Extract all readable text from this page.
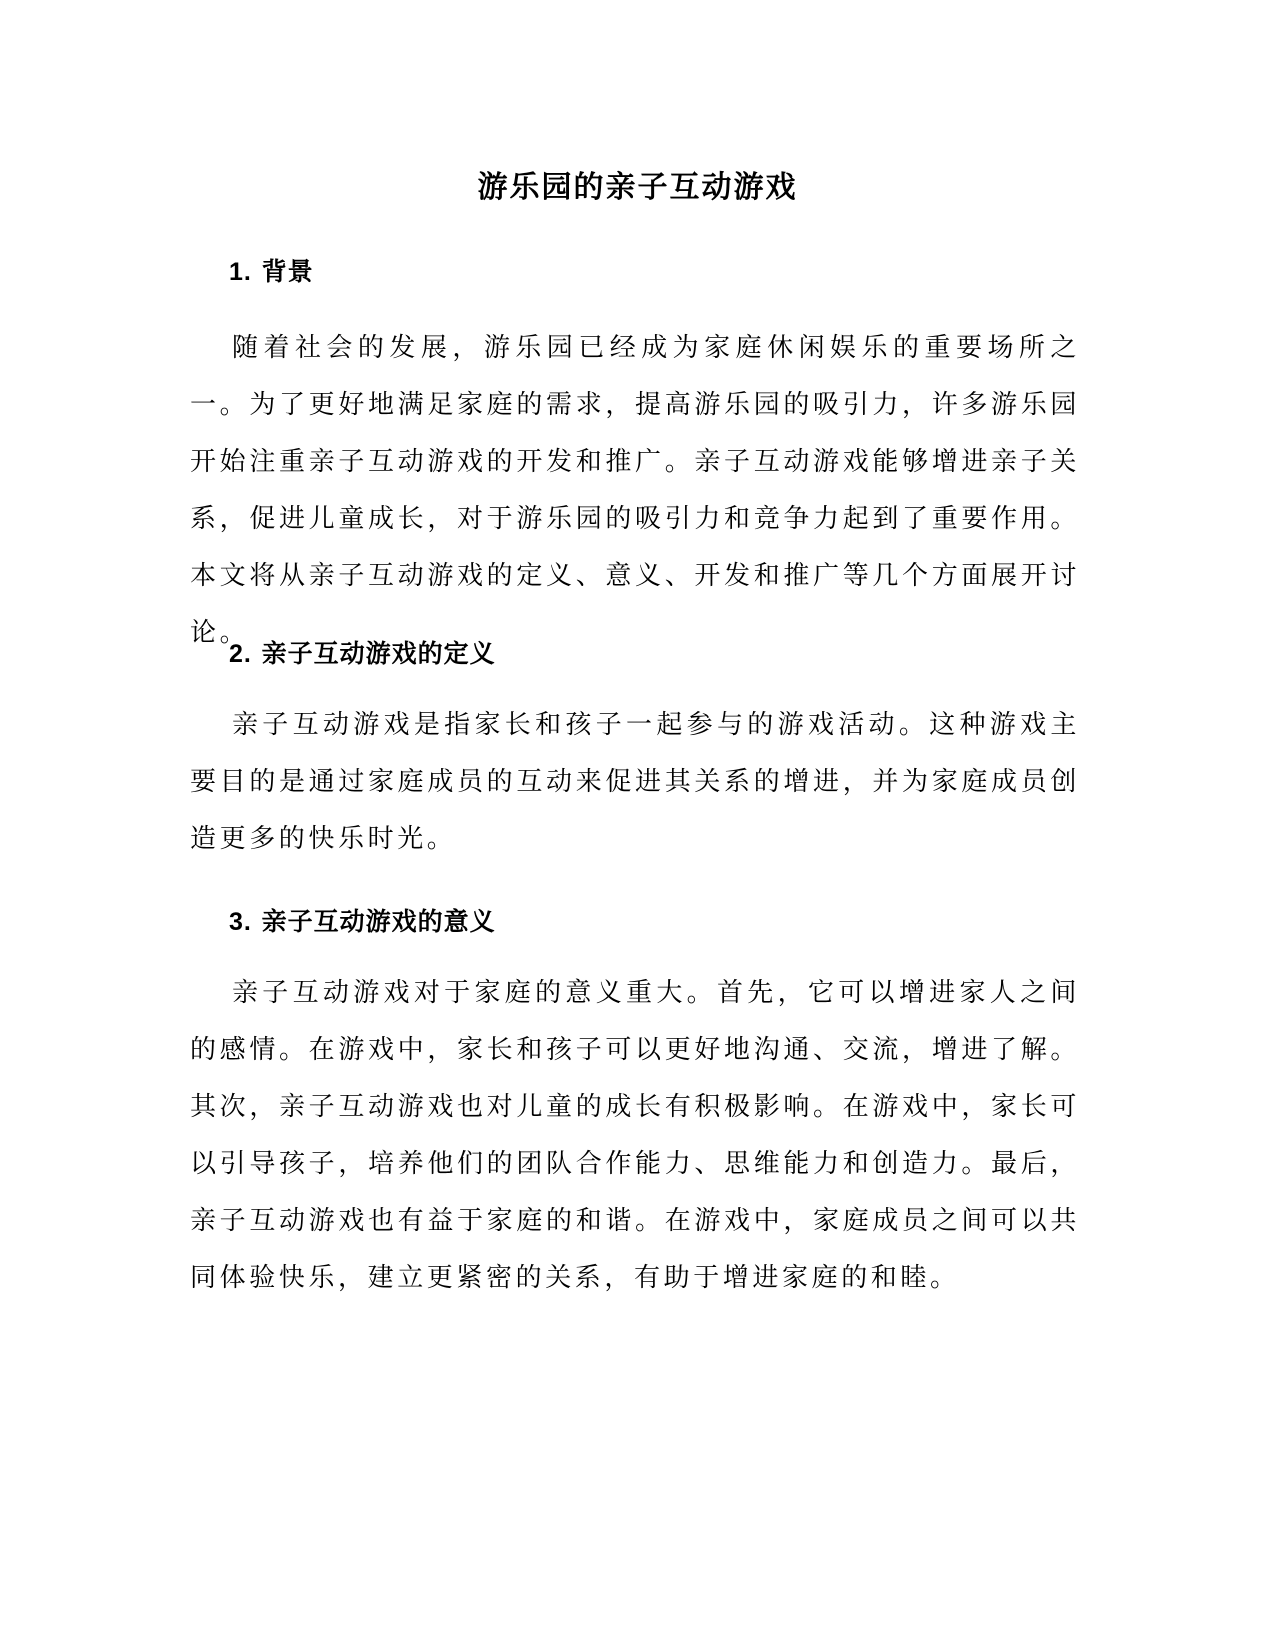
游乐园的亲子互动游戏
1. 背景

随着社会的发展，游乐园已经成为家庭休闲娱乐的重要场所之一。为了更好地满足家庭的需求，提高游乐园的吸引力，许多游乐园开始注重亲子互动游戏的开发和推广。亲子互动游戏能够增进亲子关系，促进儿童成长，对于游乐园的吸引力和竞争力起到了重要作用。本文将从亲子互动游戏的定义、意义、开发和推广等几个方面展开讨论。

2. 亲子互动游戏的定义

亲子互动游戏是指家长和孩子一起参与的游戏活动。这种游戏主要目的是通过家庭成员的互动来促进其关系的增进，并为家庭成员创造更多的快乐时光。

3. 亲子互动游戏的意义

亲子互动游戏对于家庭的意义重大。首先，它可以增进家人之间的感情。在游戏中，家长和孩子可以更好地沟通、交流，增进了解。其次，亲子互动游戏也对儿童的成长有积极影响。在游戏中，家长可以引导孩子，培养他们的团队合作能力、思维能力和创造力。最后，亲子互动游戏也有益于家庭的和谐。在游戏中，家庭成员之间可以共同体验快乐，建立更紧密的关系，有助于增进家庭的和睦。
